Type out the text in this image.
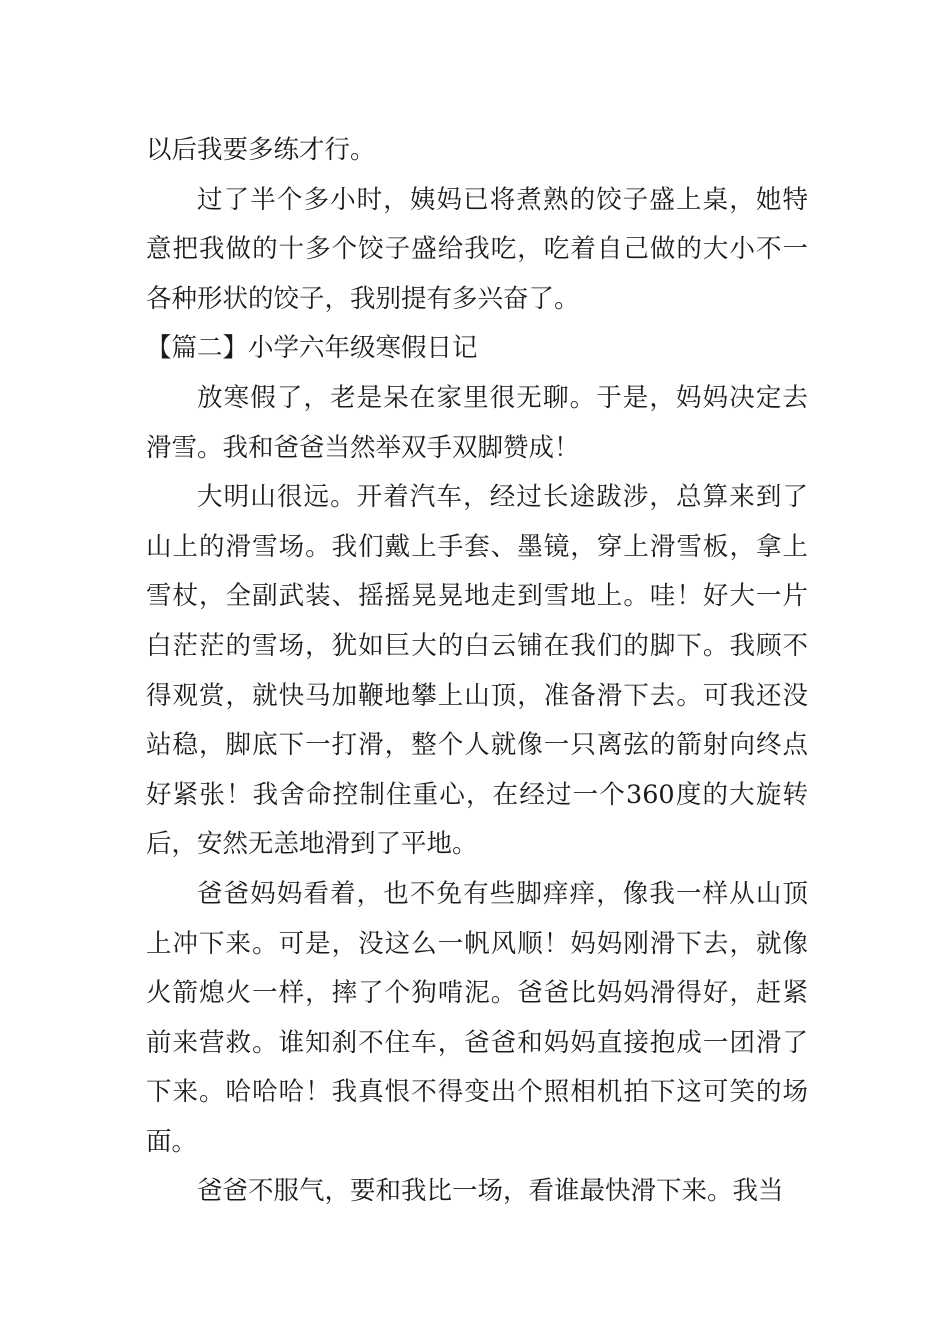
以后我要多练才行。

过了半个多小时，姨妈已将煮熟的饺子盛上桌，她特意把我做的十多个饺子盛给我吃，吃着自己做的大小不一各种形状的饺子，我别提有多兴奋了。

【篇二】小学六年级寒假日记

放寒假了，老是呆在家里很无聊。于是，妈妈决定去滑雪。我和爸爸当然举双手双脚赞成！

大明山很远。开着汽车，经过长途跋涉，总算来到了山上的滑雪场。我们戴上手套、墨镜，穿上滑雪板，拿上雪杖，全副武装、摇摇晃晃地走到雪地上。哇！好大一片白茫茫的雪场，犹如巨大的白云铺在我们的脚下。我顾不得观赏，就快马加鞭地攀上山顶，准备滑下去。可我还没站稳，脚底下一打滑，整个人就像一只离弦的箭射向终点好紧张！我舍命控制住重心，在经过一个360度的大旋转后，安然无恙地滑到了平地。

爸爸妈妈看着，也不免有些脚痒痒，像我一样从山顶上冲下来。可是，没这么一帆风顺！妈妈刚滑下去，就像火箭熄火一样，摔了个狗啃泥。爸爸比妈妈滑得好，赶紧前来营救。谁知刹不住车，爸爸和妈妈直接抱成一团滑了下来。哈哈哈！我真恨不得变出个照相机拍下这可笑的场面。

爸爸不服气，要和我比一场，看谁最快滑下来。我当
